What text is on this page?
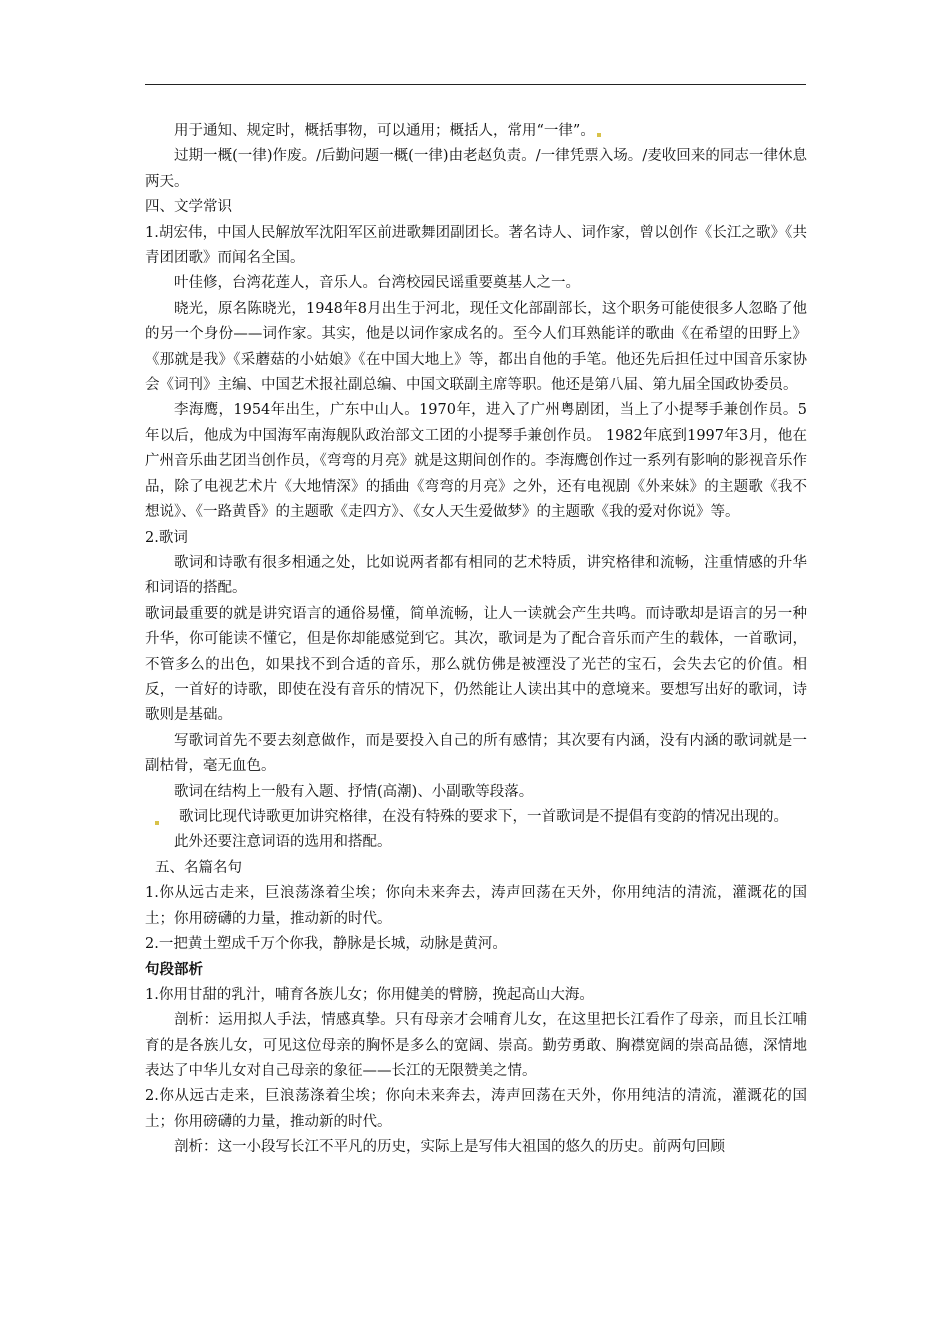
用于通知、规定时，概括事物，可以通用；概括人，常用“一律”。

过期一概(一律)作废。/后勤问题一概(一律)由老赵负责。/一律凭票入场。/麦收回来的同志一律休息两天。

四、文学常识

1.胡宏伟，中国人民解放军沈阳军区前进歌舞团副团长。著名诗人、词作家，曾以创作《长江之歌》《共青团团歌》而闻名全国。

叶佳修，台湾花莲人，音乐人。台湾校园民谣重要奠基人之一。

晓光，原名陈晓光，1948年8月出生于河北，现任文化部副部长，这个职务可能使很多人忽略了他的另一个身份——词作家。其实，他是以词作家成名的。至今人们耳熟能详的歌曲《在希望的田野上》《那就是我》《采蘑菇的小姑娘》《在中国大地上》等，都出自他的手笔。他还先后担任过中国音乐家协会《词刊》主编、中国艺术报社副总编、中国文联副主席等职。他还是第八届、第九届全国政协委员。

李海鹰，1954年出生，广东中山人。1970年，进入了广州粤剧团，当上了小提琴手兼创作员。5年以后，他成为中国海军南海舰队政治部文工团的小提琴手兼创作员。 1982年底到1997年3月，他在广州音乐曲艺团当创作员，《弯弯的月亮》就是这期间创作的。李海鹰创作过一系列有影响的影视音乐作品，除了电视艺术片《大地情深》的插曲《弯弯的月亮》之外，还有电视剧《外来妹》的主题歌《我不想说》、《一路黄昏》的主题歌《走四方》、《女人天生爱做梦》的主题歌《我的爱对你说》等。

2.歌词

歌词和诗歌有很多相通之处，比如说两者都有相同的艺术特质，讲究格律和流畅，注重情感的升华和词语的搭配。

歌词最重要的就是讲究语言的通俗易懂，简单流畅，让人一读就会产生共鸣。而诗歌却是语言的另一种升华，你可能读不懂它，但是你却能感觉到它。其次，歌词是为了配合音乐而产生的载体，一首歌词，不管多么的出色，如果找不到合适的音乐，那么就仿佛是被湮没了光芒的宝石，会失去它的价值。相反，一首好的诗歌，即使在没有音乐的情况下，仍然能让人读出其中的意境来。要想写出好的歌词，诗歌则是基础。

写歌词首先不要去刻意做作，而是要投入自己的所有感情；其次要有内涵，没有内涵的歌词就是一副枯骨，毫无血色。

歌词在结构上一般有入题、抒情(高潮)、小副歌等段落。

歌词比现代诗歌更加讲究格律，在没有特殊的要求下，一首歌词是不提倡有变韵的情况出现的。

此外还要注意词语的选用和搭配。

五、名篇名句

1.你从远古走来，巨浪荡涤着尘埃；你向未来奔去，涛声回荡在天外，你用纯洁的清流，灌溉花的国土；你用磅礴的力量，推动新的时代。

2.一把黄土塑成千万个你我，静脉是长城，动脉是黄河。

句段部析

1.你用甘甜的乳汁，哺育各族儿女；你用健美的臂膀，挽起高山大海。

剖析：运用拟人手法，情感真挚。只有母亲才会哺育儿女，在这里把长江看作了母亲，而且长江哺育的是各族儿女，可见这位母亲的胸怀是多么的宽阔、崇高。勤劳勇敢、胸襟宽阔的崇高品德，深情地表达了中华儿女对自己母亲的象征——长江的无限赞美之情。

2.你从远古走来，巨浪荡涤着尘埃；你向未来奔去，涛声回荡在天外，你用纯洁的清流，灌溉花的国土；你用磅礴的力量，推动新的时代。

剖析：这一小段写长江不平凡的历史，实际上是写伟大祖国的悠久的历史。前两句回顾
